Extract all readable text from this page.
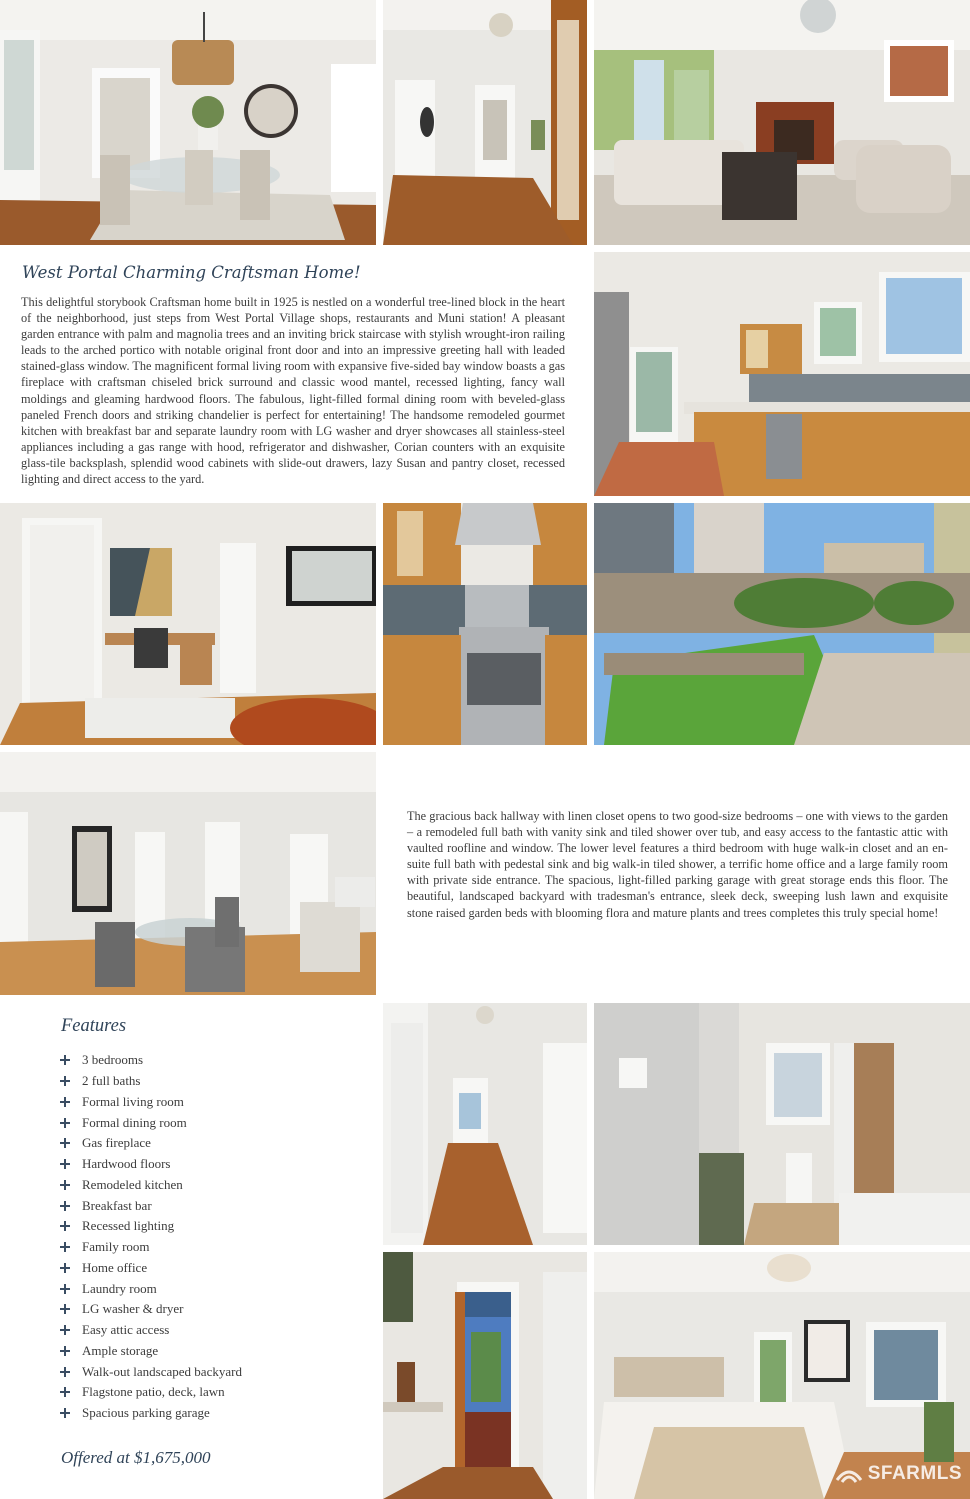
West Portal Charming Craftsman Home!

This delightful storybook Craftsman home built in 1925 is nestled on a wonderful tree-lined block in the heart of the neighborhood, just steps from West Portal Village shops, restaurants and Muni station! A pleasant garden entrance with palm and magnolia trees and an inviting brick staircase with stylish wrought-iron railing leads to the arched portico with notable original front door and into an impressive greeting hall with leaded stained-glass window. The magnificent formal living room with expansive five-sided bay window boasts a gas fireplace with craftsman chiseled brick surround and classic wood mantel, recessed lighting, fancy wall moldings and gleaming hardwood floors. The fabulous, light-filled formal dining room with beveled-glass paneled French doors and striking chandelier is perfect for entertaining! The handsome remodeled gourmet kitchen with breakfast bar and separate laundry room with LG washer and dryer showcases all stainless-steel appliances including a gas range with hood, refrigerator and dishwasher, Corian counters with an exquisite glass-tile backsplash, splendid wood cabinets with slide-out drawers, lazy Susan and pantry closet, recessed lighting and direct access to the yard.

The gracious back hallway with linen closet opens to two good-size bedrooms – one with views to the garden – a remodeled full bath with vanity sink and tiled shower over tub, and easy access to the fantastic attic with vaulted roofline and window. The lower level features a third bedroom with huge walk-in closet and an en-suite full bath with pedestal sink and big walk-in tiled shower, a terrific home office and a large family room with private side entrance. The spacious, light-filled parking garage with great storage ends this floor. The beautiful, landscaped backyard with tradesman's entrance, sleek deck, sweeping lush lawn and exquisite stone raised garden beds with blooming flora and mature plants and trees completes this truly special home!

Features
3 bedrooms
2 full baths
Formal living room
Formal dining room
Gas fireplace
Hardwood floors
Remodeled kitchen
Breakfast bar
Recessed lighting
Family room
Home office
Laundry room
LG washer & dryer
Easy attic access
Ample storage
Walk-out landscaped backyard
Flagstone patio, deck, lawn
Spacious parking garage
Offered at $1,675,000
SFARMLS
